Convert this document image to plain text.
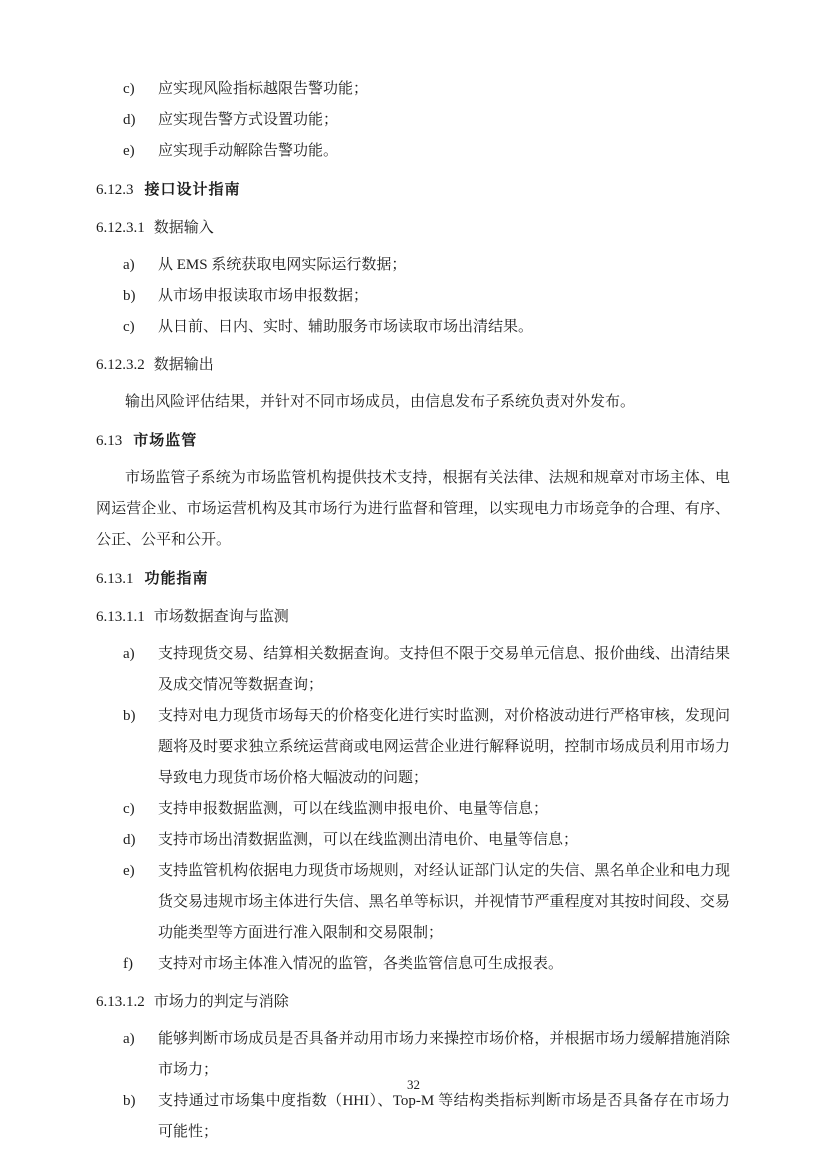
c) 应实现风险指标越限告警功能；
d) 应实现告警方式设置功能；
e) 应实现手动解除告警功能。
6.12.3 接口设计指南
6.12.3.1 数据输入
a) 从 EMS 系统获取电网实际运行数据；
b) 从市场申报读取市场申报数据；
c) 从日前、日内、实时、辅助服务市场读取市场出清结果。
6.12.3.2 数据输出

输出风险评估结果，并针对不同市场成员，由信息发布子系统负责对外发布。

6.13 市场监管

市场监管子系统为市场监管机构提供技术支持，根据有关法律、法规和规章对市场主体、电网运营企业、市场运营机构及其市场行为进行监督和管理，以实现电力市场竞争的合理、有序、公正、公平和公开。

6.13.1 功能指南
6.13.1.1 市场数据查询与监测
a) 支持现货交易、结算相关数据查询。支持但不限于交易单元信息、报价曲线、出清结果及成交情况等数据查询；
b) 支持对电力现货市场每天的价格变化进行实时监测，对价格波动进行严格审核，发现问题将及时要求独立系统运营商或电网运营企业进行解释说明，控制市场成员利用市场力导致电力现货市场价格大幅波动的问题；
c) 支持申报数据监测，可以在线监测申报电价、电量等信息；
d) 支持市场出清数据监测，可以在线监测出清电价、电量等信息；
e) 支持监管机构依据电力现货市场规则，对经认证部门认定的失信、黑名单企业和电力现货交易违规市场主体进行失信、黑名单等标识，并视情节严重程度对其按时间段、交易功能类型等方面进行准入限制和交易限制；
f) 支持对市场主体准入情况的监管，各类监管信息可生成报表。
6.13.1.2 市场力的判定与消除
a) 能够判断市场成员是否具备并动用市场力来操控市场价格，并根据市场力缓解措施消除市场力；
b) 支持通过市场集中度指数（HHI）、Top-M 等结构类指标判断市场是否具备存在市场力可能性；
32
